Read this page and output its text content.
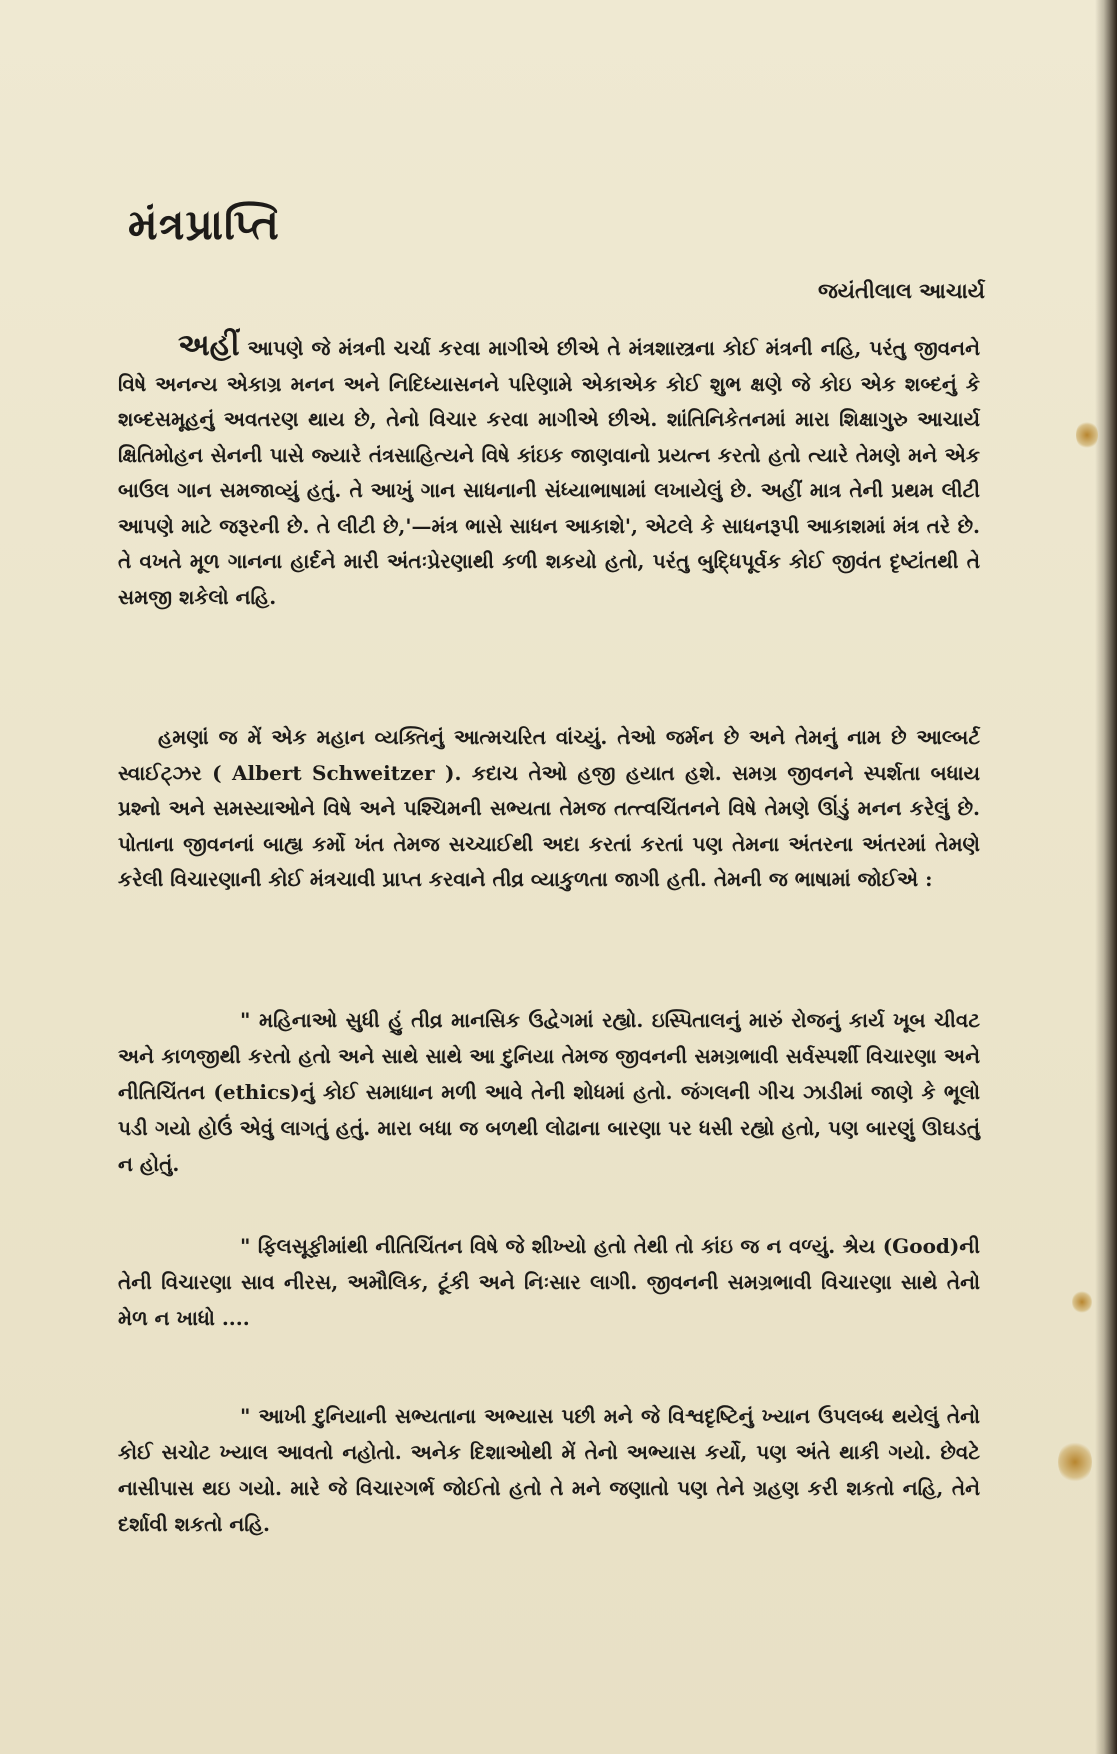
મંત્રપ્રાપ્તિ
જયંતીલાલ આચાર્ય

અહીં આપણે જે મંત્રની ચર્ચા કરવા માગીએ છીએ તે મંત્રશાસ્ત્રના કોઈ મંત્રની નહિ, પરંતુ જીવનને વિષે અનન્ય એકાગ્ર મનન અને નિદિધ્યાસનને પરિણામે એકાએક કોઈ શુભ ક્ષણે જે કોઇ એક શબ્દનું કે શબ્દસમૂહનું અવતરણ થાય છે, તેનો વિચાર કરવા માગીએ છીએ. શાંતિનિકેતનમાં મારા શિક્ષાગુરુ આચાર્ય ક્ષિતિમોહન સેનની પાસે જ્યારે તંત્રસાહિત્યને વિષે કાંઇક જાણવાનો પ્રયત્ન કરતો હતો ત્યારે તેમણે મને એક બાઉલ ગાન સમજાવ્યું હતું. તે આખું ગાન સાધનાની સંધ્યાભાષામાં લખાયેલું છે. અહીં માત્ર તેની પ્રથમ લીટી આપણે માટે જરૂરની છે. તે લીટી છે,'—મંત્ર ભાસે સાધન આકાશે', એટલે કે સાધનરૂપી આકાશમાં મંત્ર તરે છે. તે વખતે મૂળ ગાનના હાર્દને મારી અંતઃપ્રેરણાથી કળી શકયો હતો, પરંતુ બુદ્ધિપૂર્વક કોઈ જીવંત દૃષ્ટાંતથી તે સમજી શકેલો નહિ.

હમણાં જ મેં એક મહાન વ્યક્તિનું આત્મચરિત વાંચ્યું. તેઓ જર્મન છે અને તેમનું નામ છે આલ્બર્ટ સ્વાઈટ્ઝર ( Albert Schweitzer ). કદાચ તેઓ હજી હયાત હશે. સમગ્ર જીવનને સ્પર્શતા બધાય પ્રશ્નો અને સમસ્યાઓને વિષે અને પશ્ચિમની સભ્યતા તેમજ તત્ત્વચિંતનને વિષે તેમણે ઊંડું મનન કરેલું છે. પોતાના જીવનનાં બાહ્ય કર્મો ખંત તેમજ સચ્ચાઈથી અદા કરતાં કરતાં પણ તેમના અંતરના અંતરમાં તેમણે કરેલી વિચારણાની કોઈ મંત્રચાવી પ્રાપ્ત કરવાને તીવ્ર વ્યાકુળતા જાગી હતી. તેમની જ ભાષામાં જોઈએ :

" મહિનાઓ સુધી હું તીવ્ર માનસિક ઉદ્વેગમાં રહ્યો. ઇસ્પિતાલનું મારું રોજનું કાર્ય ખૂબ ચીવટ અને કાળજીથી કરતો હતો અને સાથે સાથે આ દુનિયા તેમજ જીવનની સમગ્રભાવી સર્વસ્પર્શી વિચારણા અને નીતિચિંતન (ethics)નું કોઈ સમાધાન મળી આવે તેની શોધમાં હતો. જંગલની ગીચ ઝાડીમાં જાણે કે ભૂલો પડી ગયો હોઉં એવું લાગતું હતું. મારા બધા જ બળથી લોઢાના બારણા પર ધસી રહ્યો હતો, પણ બારણું ઊઘડતું ન હોતું.

" ફિલસૂફીમાંથી નીતિચિંતન વિષે જે શીખ્યો હતો તેથી તો કાંઇ જ ન વળ્યું. શ્રેય (Good)ની તેની વિચારણા સાવ નીરસ, અમૌલિક, ટૂંકી અને નિઃસાર લાગી. જીવનની સમગ્રભાવી વિચારણા સાથે તેનો મેળ ન ખાધો ....

" આખી દુનિયાની સભ્યતાના અભ્યાસ પછી મને જે વિશ્વદૃષ્ટિનું ખ્યાન ઉપલબ્ધ થયેલું તેનો કોઈ સચોટ ખ્યાલ આવતો નહોતો. અનેક દિશાઓથી મેં તેનો અભ્યાસ કર્યો, પણ અંતે થાકી ગયો. છેવટે નાસીપાસ થઇ ગયો. મારે જે વિચારગર્ભ જોઈતો હતો તે મને જણાતો પણ તેને ગ્રહણ કરી શકતો નહિ, તેને દર્શાવી શકતો નહિ.
